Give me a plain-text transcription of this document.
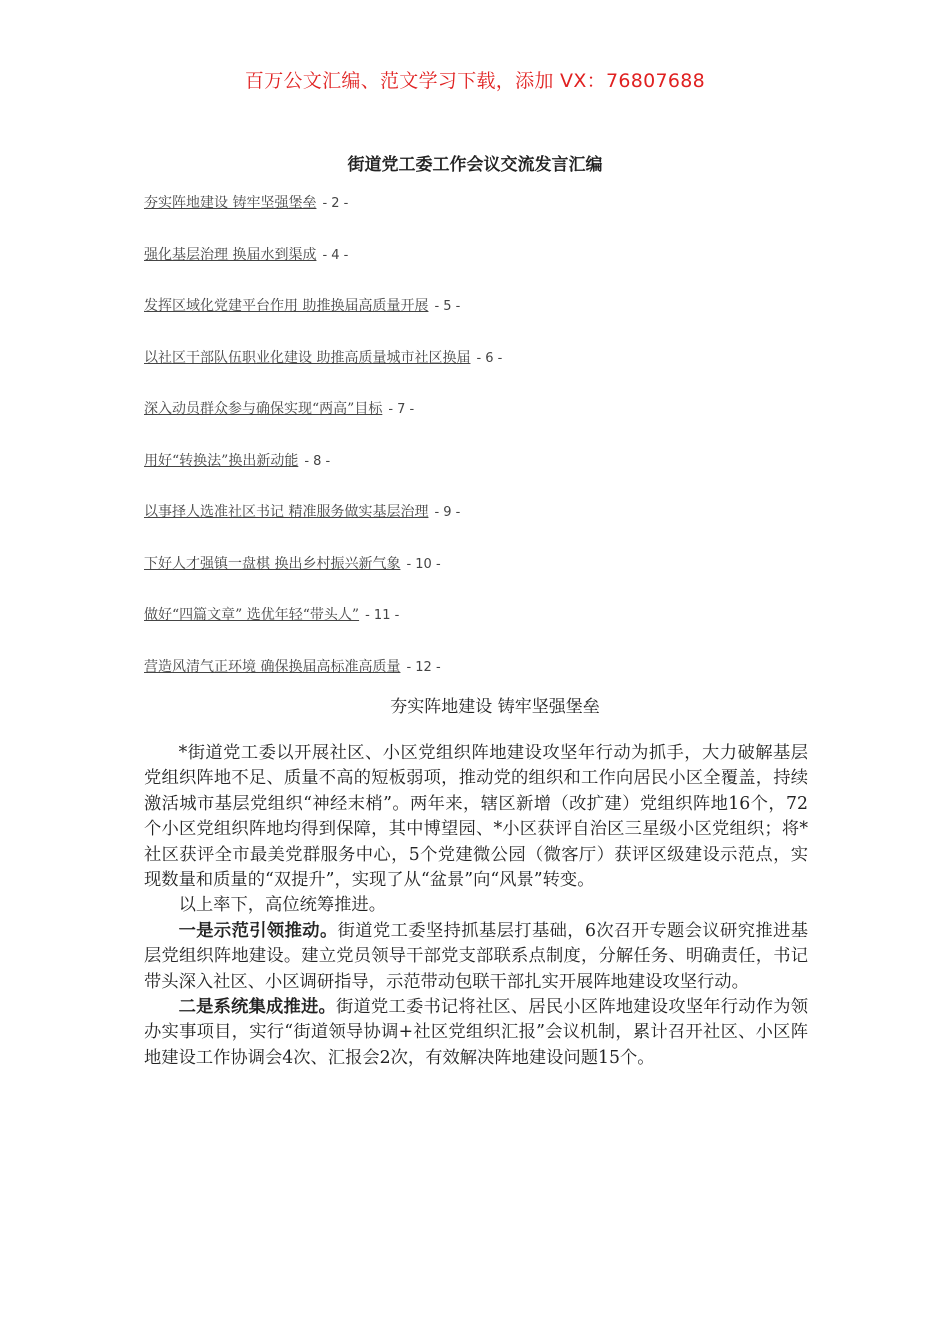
百万公文汇编、范文学习下载，添加 VX：76807688
街道党工委工作会议交流发言汇编
夯实阵地建设 铸牢坚强堡垒 - 2 -
强化基层治理 换届水到渠成 - 4 -
发挥区域化党建平台作用 助推换届高质量开展 - 5 -
以社区干部队伍职业化建设 助推高质量城市社区换届 - 6 -
深入动员群众参与确保实现“两高”目标 - 7 -
用好“转换法”换出新动能 - 8 -
以事择人选准社区书记 精准服务做实基层治理 - 9 -
下好人才强镇一盘棋 换出乡村振兴新气象 - 10 -
做好“四篇文章” 选优年轻“带头人” - 11 -
营造风清气正环境 确保换届高标准高质量 - 12 -
夯实阵地建设 铸牢坚强堡垒

*街道党工委以开展社区、小区党组织阵地建设攻坚年行动为抓手，大力破解基层党组织阵地不足、质量不高的短板弱项，推动党的组织和工作向居民小区全覆盖，持续激活城市基层党组织“神经末梢”。两年来，辖区新增（改扩建）党组织阵地16个，72个小区党组织阵地均得到保障，其中博望园、*小区获评自治区三星级小区党组织；将*社区获评全市最美党群服务中心，5个党建微公园（微客厅）获评区级建设示范点，实现数量和质量的“双提升”，实现了从“盆景”向“风景”转变。

以上率下，高位统筹推进。

一是示范引领推动。街道党工委坚持抓基层打基础，6次召开专题会议研究推进基层党组织阵地建设。建立党员领导干部党支部联系点制度，分解任务、明确责任，书记带头深入社区、小区调研指导，示范带动包联干部扎实开展阵地建设攻坚行动。

二是系统集成推进。街道党工委书记将社区、居民小区阵地建设攻坚年行动作为领办实事项目，实行“街道领导协调+社区党组织汇报”会议机制，累计召开社区、小区阵地建设工作协调会4次、汇报会2次，有效解决阵地建设问题15个。
